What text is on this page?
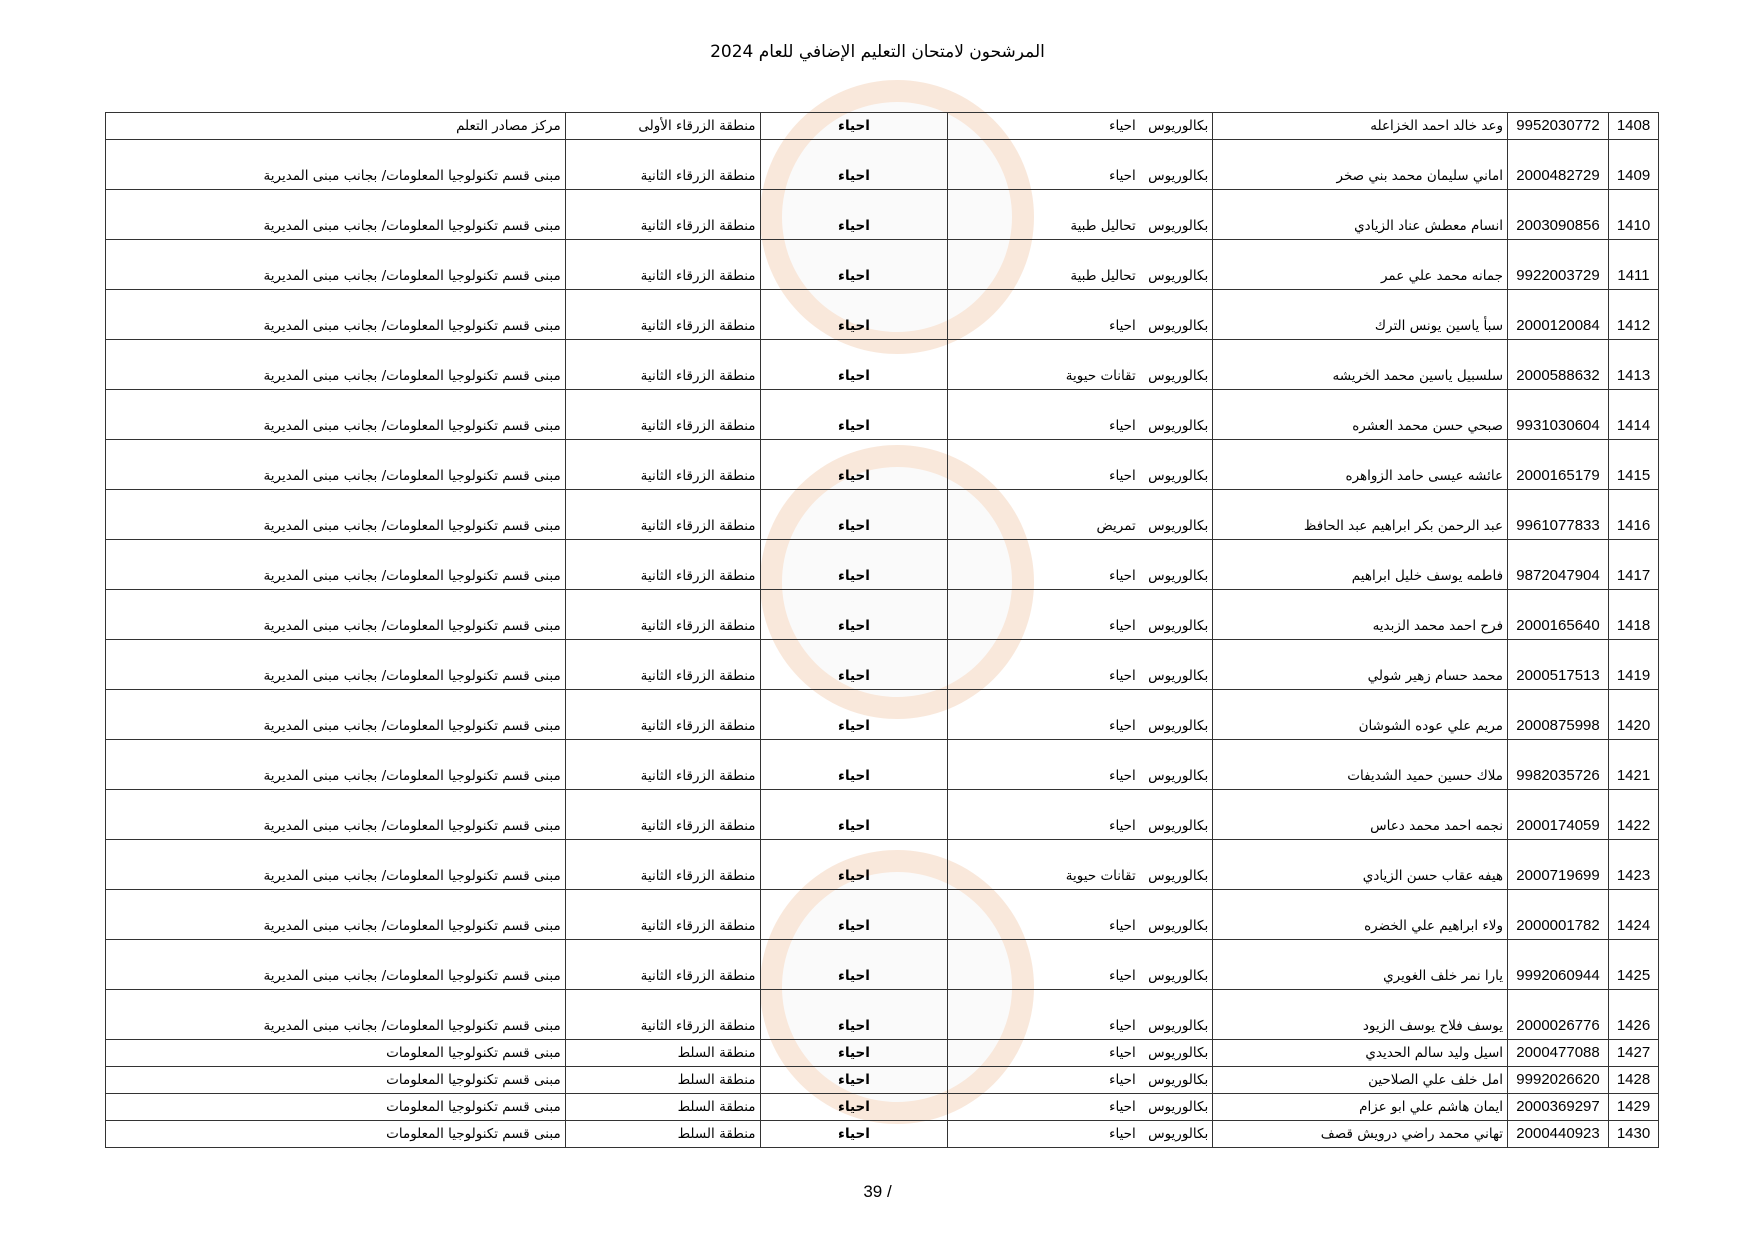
المرشحون لامتحان التعليم الإضافي للعام 2024
1408	9952030772	وعد خالد احمد الخزاعله	بكالوريوس	احياء	احياء	منطقة الزرقاء الأولى	مركز مصادر التعلم
1409	2000482729	اماني سليمان محمد بني صخر	بكالوريوس	احياء	احياء	منطقة الزرقاء الثانية	مبنى قسم تكنولوجيا المعلومات/ بجانب مبنى المديرية
1410	2003090856	انسام معطش عناد الزيادي	بكالوريوس	تحاليل طبية	احياء	منطقة الزرقاء الثانية	مبنى قسم تكنولوجيا المعلومات/ بجانب مبنى المديرية
1411	9922003729	جمانه محمد علي عمر	بكالوريوس	تحاليل طبية	احياء	منطقة الزرقاء الثانية	مبنى قسم تكنولوجيا المعلومات/ بجانب مبنى المديرية
1412	2000120084	سبأ ياسين يونس الترك	بكالوريوس	احياء	احياء	منطقة الزرقاء الثانية	مبنى قسم تكنولوجيا المعلومات/ بجانب مبنى المديرية
1413	2000588632	سلسبيل ياسين محمد الخريشه	بكالوريوس	تقانات حيوية	احياء	منطقة الزرقاء الثانية	مبنى قسم تكنولوجيا المعلومات/ بجانب مبنى المديرية
1414	9931030604	صبحي حسن محمد العشره	بكالوريوس	احياء	احياء	منطقة الزرقاء الثانية	مبنى قسم تكنولوجيا المعلومات/ بجانب مبنى المديرية
1415	2000165179	عائشه عيسى حامد الزواهره	بكالوريوس	احياء	احياء	منطقة الزرقاء الثانية	مبنى قسم تكنولوجيا المعلومات/ بجانب مبنى المديرية
1416	9961077833	عبد الرحمن بكر ابراهيم عبد الحافظ	بكالوريوس	تمريض	احياء	منطقة الزرقاء الثانية	مبنى قسم تكنولوجيا المعلومات/ بجانب مبنى المديرية
1417	9872047904	فاطمه يوسف خليل ابراهيم	بكالوريوس	احياء	احياء	منطقة الزرقاء الثانية	مبنى قسم تكنولوجيا المعلومات/ بجانب مبنى المديرية
1418	2000165640	فرح احمد محمد الزبديه	بكالوريوس	احياء	احياء	منطقة الزرقاء الثانية	مبنى قسم تكنولوجيا المعلومات/ بجانب مبنى المديرية
1419	2000517513	محمد حسام زهير شولي	بكالوريوس	احياء	احياء	منطقة الزرقاء الثانية	مبنى قسم تكنولوجيا المعلومات/ بجانب مبنى المديرية
1420	2000875998	مريم علي عوده الشوشان	بكالوريوس	احياء	احياء	منطقة الزرقاء الثانية	مبنى قسم تكنولوجيا المعلومات/ بجانب مبنى المديرية
1421	9982035726	ملاك حسين حميد الشديفات	بكالوريوس	احياء	احياء	منطقة الزرقاء الثانية	مبنى قسم تكنولوجيا المعلومات/ بجانب مبنى المديرية
1422	2000174059	نجمه احمد محمد دعاس	بكالوريوس	احياء	احياء	منطقة الزرقاء الثانية	مبنى قسم تكنولوجيا المعلومات/ بجانب مبنى المديرية
1423	2000719699	هيفه عقاب حسن الزيادي	بكالوريوس	تقانات حيوية	احياء	منطقة الزرقاء الثانية	مبنى قسم تكنولوجيا المعلومات/ بجانب مبنى المديرية
1424	2000001782	ولاء ابراهيم علي الخضره	بكالوريوس	احياء	احياء	منطقة الزرقاء الثانية	مبنى قسم تكنولوجيا المعلومات/ بجانب مبنى المديرية
1425	9992060944	يارا نمر خلف الغويري	بكالوريوس	احياء	احياء	منطقة الزرقاء الثانية	مبنى قسم تكنولوجيا المعلومات/ بجانب مبنى المديرية
1426	2000026776	يوسف فلاح يوسف الزيود	بكالوريوس	احياء	احياء	منطقة الزرقاء الثانية	مبنى قسم تكنولوجيا المعلومات/ بجانب مبنى المديرية
1427	2000477088	اسيل وليد سالم الحديدي	بكالوريوس	احياء	احياء	منطقة السلط	مبنى قسم تكنولوجيا المعلومات
1428	9992026620	امل خلف علي الصلاحين	بكالوريوس	احياء	احياء	منطقة السلط	مبنى قسم تكنولوجيا المعلومات
1429	2000369297	ايمان هاشم علي ابو عزام	بكالوريوس	احياء	احياء	منطقة السلط	مبنى قسم تكنولوجيا المعلومات
1430	2000440923	تهاني محمد راضي درويش قصف	بكالوريوس	احياء	احياء	منطقة السلط	مبنى قسم تكنولوجيا المعلومات
39 /
